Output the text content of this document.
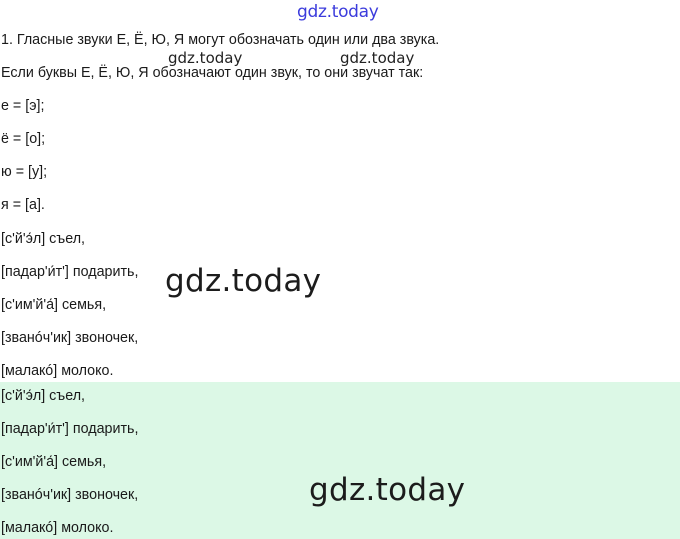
gdz.today
1. Гласные звуки Е, Ё, Ю, Я могут обозначать один или два звука.
gdz.today	gdz.today
Если буквы Е, Ё, Ю, Я обозначают один звук, то они звучат так:
е = [э];
ё = [о];
ю = [у];
я = [а].
[с'й'э́л] съел,
[падар'и́т'] подарить,
[с'им'й'а́] семья,
[званóч'ик] звоночек,
[малакó] молоко.
gdz.today
[с'й'э́л] съел,
[падар'и́т'] подарить,
[с'им'й'а́] семья,
[званóч'ик] звоночек,
[малакó] молоко.
gdz.today
